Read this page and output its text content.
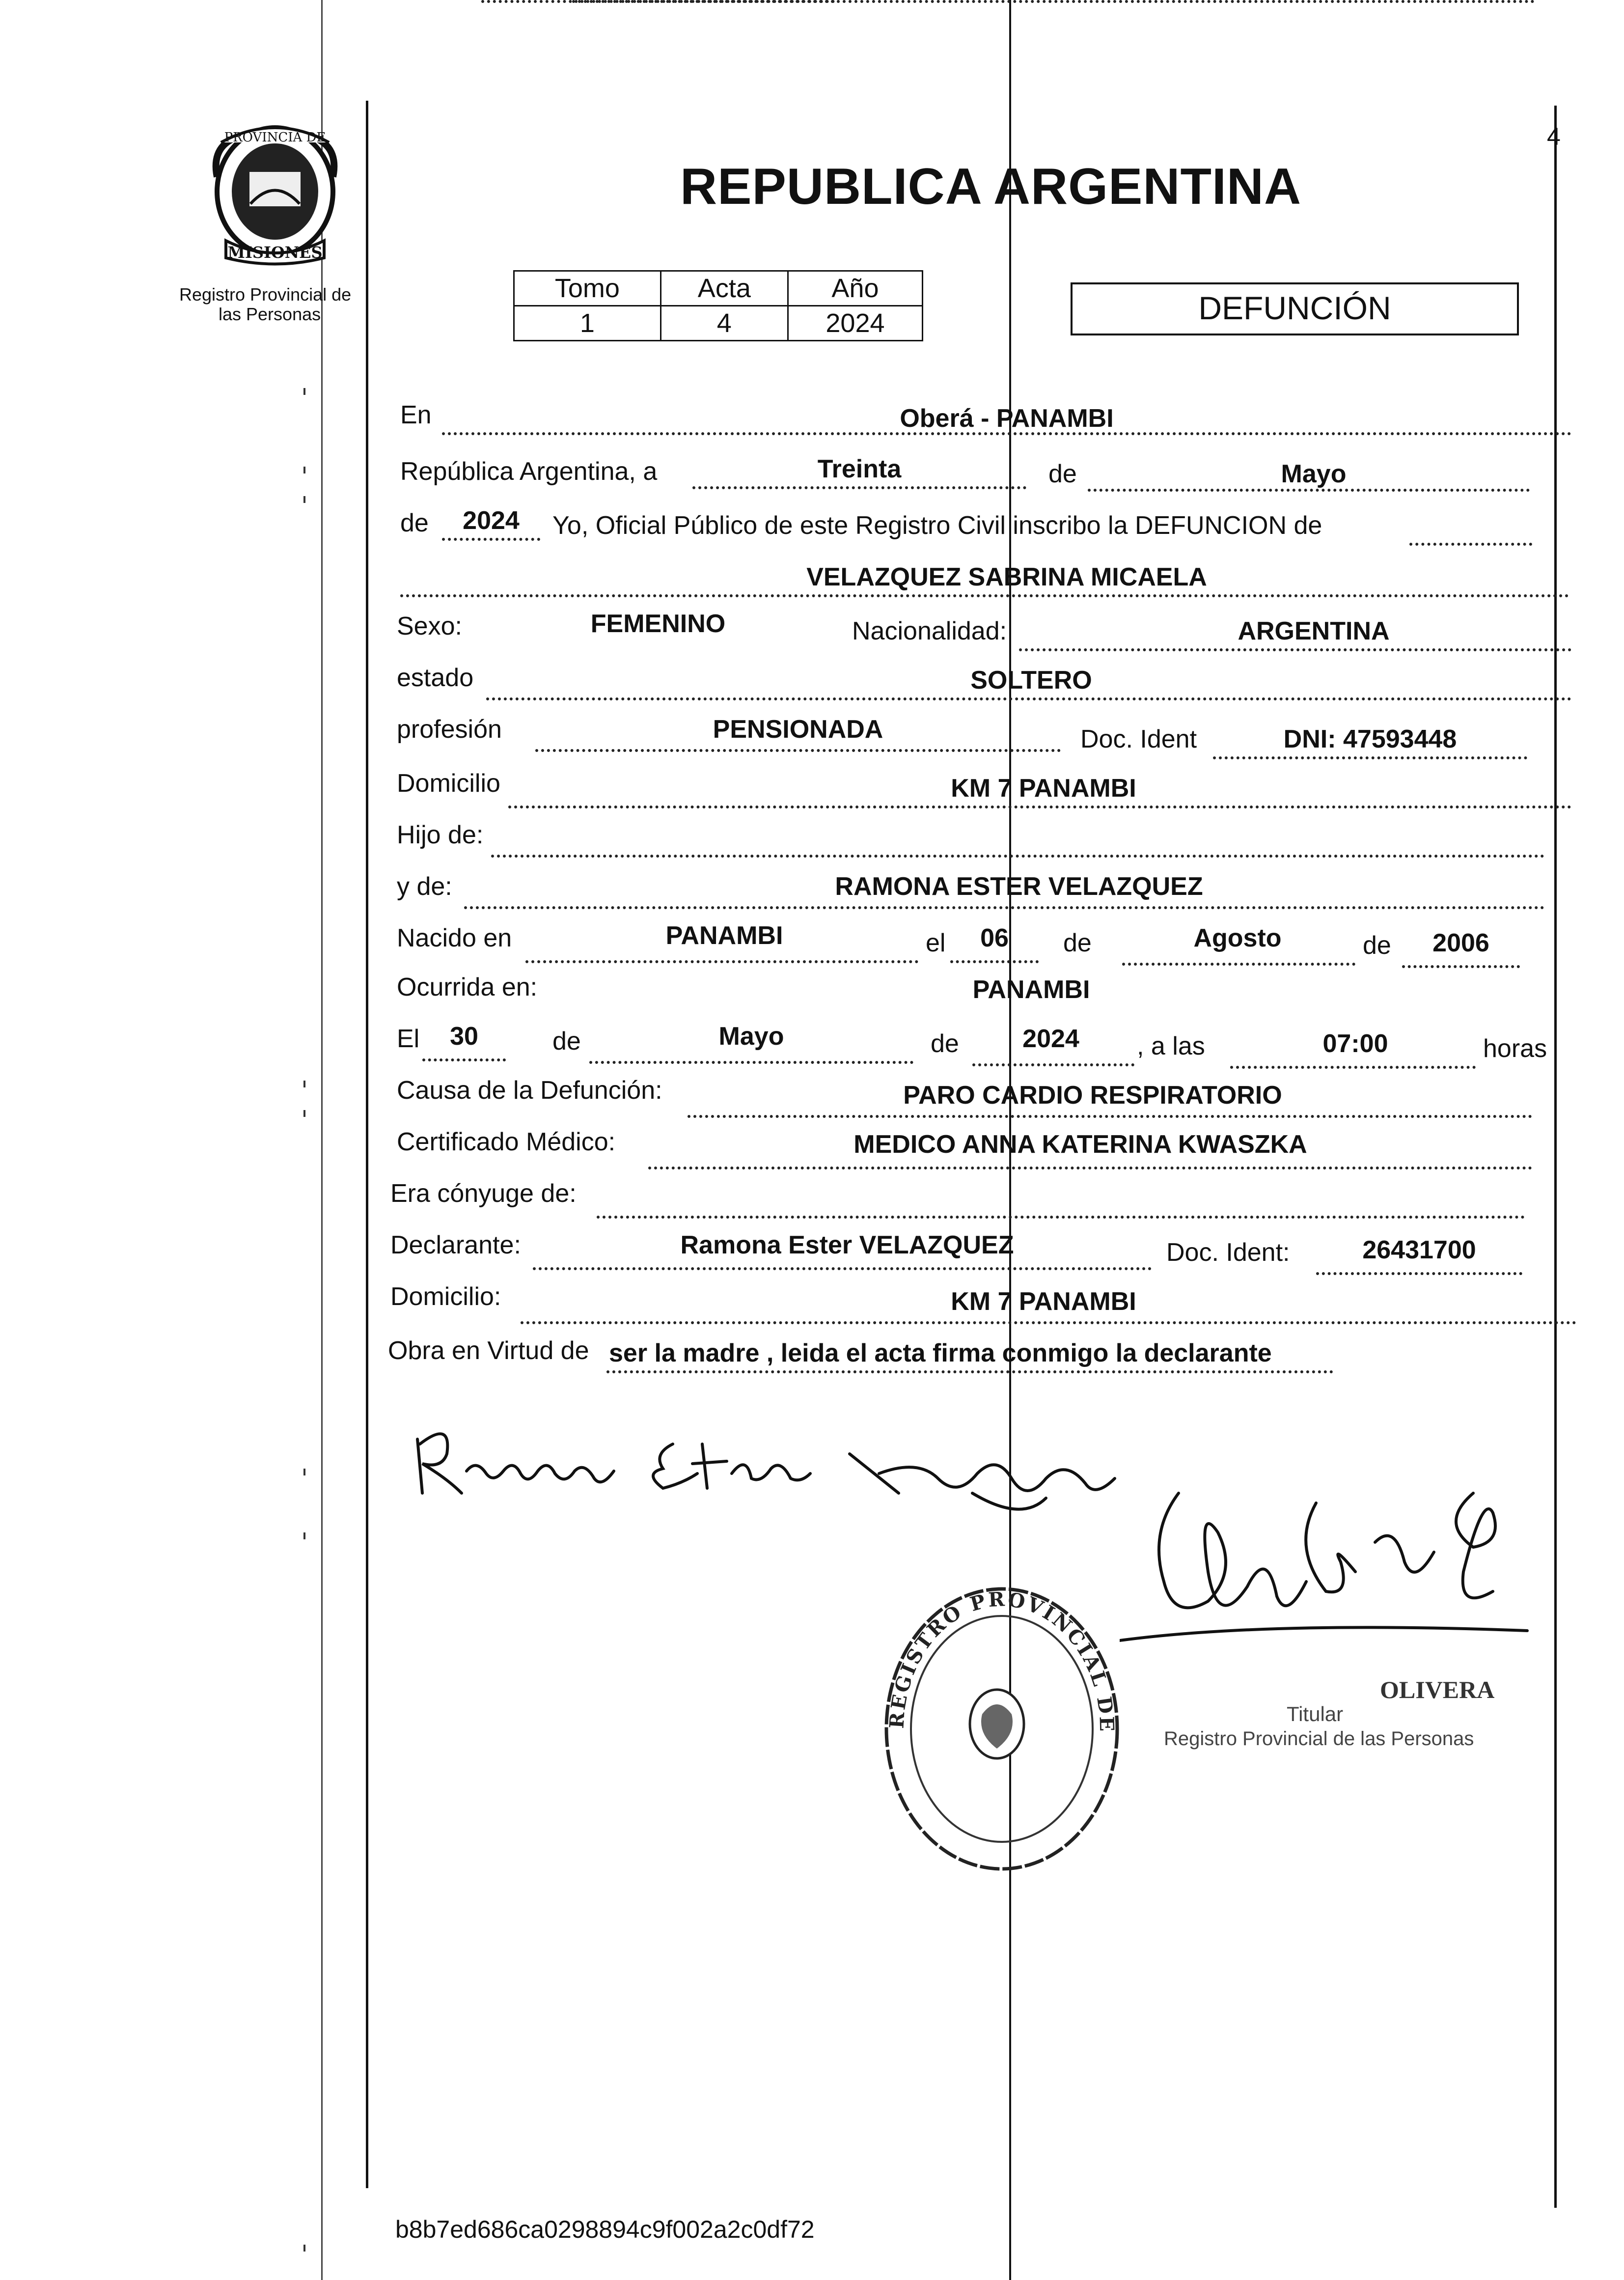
4
PROVINCIA DE
MISIONES
Registro Provincial de
las Personas
REPUBLICA ARGENTINA
Tomo	Acta	Año
1	4	2024	DEFUNCIÓN
En	Oberá - PANAMBI
República Argentina, a	Treinta	de	Mayo
de	2024	Yo, Oficial Público de este Registro Civil inscribo la DEFUNCION de
VELAZQUEZ SABRINA MICAELA
Sexo:	FEMENINO	Nacionalidad:	ARGENTINA
estado	SOLTERO
profesión	PENSIONADA	Doc. Ident	DNI: 47593448
Domicilio	KM 7 PANAMBI
Hijo de:
y de:	RAMONA ESTER VELAZQUEZ
Nacido en	PANAMBI	el	06	de	Agosto	de	2006
Ocurrida en:	PANAMBI
El	30	de	Mayo	de	2024	, a las	07:00	horas
Causa de la Defunción:	PARO CARDIO RESPIRATORIO
Certificado Médico:	MEDICO ANNA KATERINA KWASZKA
Era cónyuge de:
Declarante:	Ramona Ester VELAZQUEZ	Doc. Ident:	26431700
Domicilio:	KM 7 PANAMBI
Obra en Virtud de ser la madre , leida el acta firma conmigo la declarante
REGISTRO PROVINCIAL DE
OLIVERA
Titular
Registro Provincial de las Personas
b8b7ed686ca0298894c9f002a2c0df72
